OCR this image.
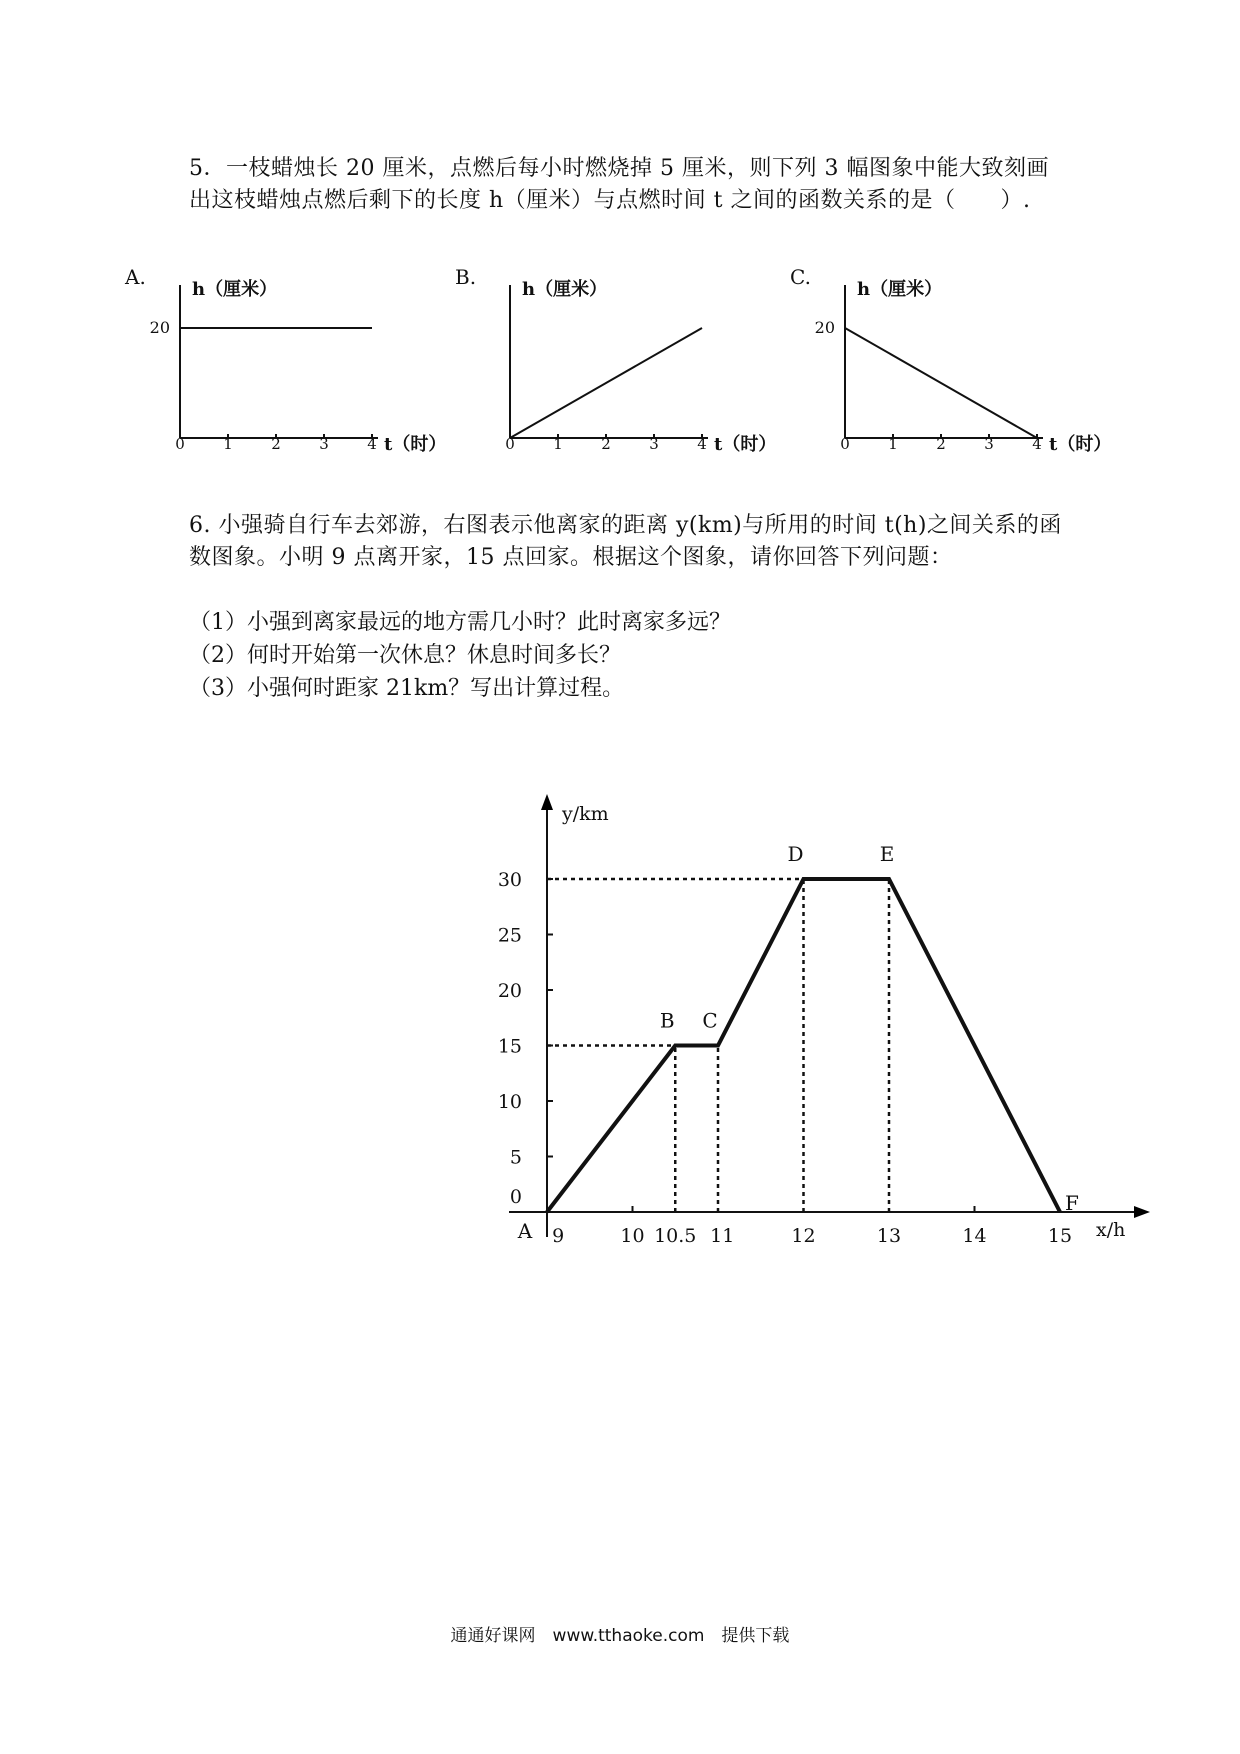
5．一枝蜡烛长 20 厘米，点燃后每小时燃烧掉 5 厘米，则下列 3 幅图象中能大致刻画出这枝蜡烛点燃后剩下的长度 h（厘米）与点燃时间 t 之间的函数关系的是（　　）.

A.
h（厘米）
t（时）
0	1	2	3	4
20
B.
h（厘米）
t（时）
0	1	2	3	4
C.
h（厘米）
t（时）
0	1	2	3	4
20

6. 小强骑自行车去郊游，右图表示他离家的距离 y(km)与所用的时间 t(h)之间关系的函数图象。小明 9 点离开家，15 点回家。根据这个图象，请你回答下列问题：

（1）小强到离家最远的地方需几小时？此时离家多远？

（2）何时开始第一次休息？休息时间多长？

（3）小强何时距家 21km？写出计算过程。

y/km
x/h
0
5
10
15
20
25
30
9	10 10.5 11	12	13	14	15
A
B C
D	E
F
通通好课网　www.tthaoke.com　提供下载
